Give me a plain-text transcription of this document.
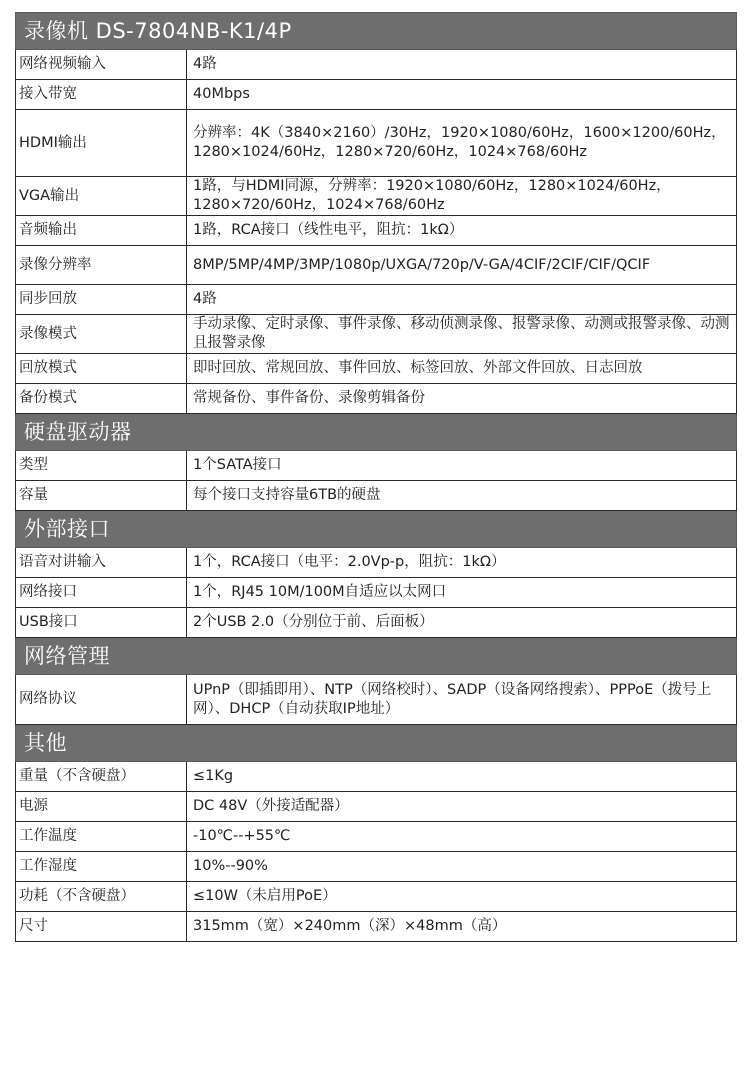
录像机 DS-7804NB-K1/4P	
网络视频输入	4路
接入带宽	40Mbps
HDMI输出	分辨率：4K（3840×2160）/30Hz，1920×1080/60Hz，1600×1200/60Hz，1280×1024/60Hz，1280×720/60Hz，1024×768/60Hz
VGA输出	1路，与HDMI同源，分辨率：1920×1080/60Hz，1280×1024/60Hz，1280×720/60Hz，1024×768/60Hz
音频输出	1路，RCA接口（线性电平，阻抗：1kΩ）
录像分辨率	8MP/5MP/4MP/3MP/1080p/UXGA/720p/V-GA/4CIF/2CIF/CIF/QCIF
同步回放	4路
录像模式	手动录像、定时录像、事件录像、移动侦测录像、报警录像、动测或报警录像、动测且报警录像
回放模式	即时回放、常规回放、事件回放、标签回放、外部文件回放、日志回放
备份模式	常规备份、事件备份、录像剪辑备份
硬盘驱动器	
类型	1个SATA接口
容量	每个接口支持容量6TB的硬盘
外部接口	
语音对讲输入	1个，RCA接口（电平：2.0Vp-p，阻抗：1kΩ）
网络接口	1个，RJ45 10M/100M自适应以太网口
USB接口	2个USB 2.0（分别位于前、后面板）
网络管理	
网络协议	UPnP（即插即用）、NTP（网络校时）、SADP（设备网络搜索）、PPPoE（拨号上网）、DHCP（自动获取IP地址）
其他	
重量（不含硬盘）	≤1Kg
电源	DC 48V（外接适配器）
工作温度	-10℃--+55℃
工作湿度	10%--90%
功耗（不含硬盘）	≤10W（未启用PoE）
尺寸	315mm（宽）×240mm（深）×48mm（高）
